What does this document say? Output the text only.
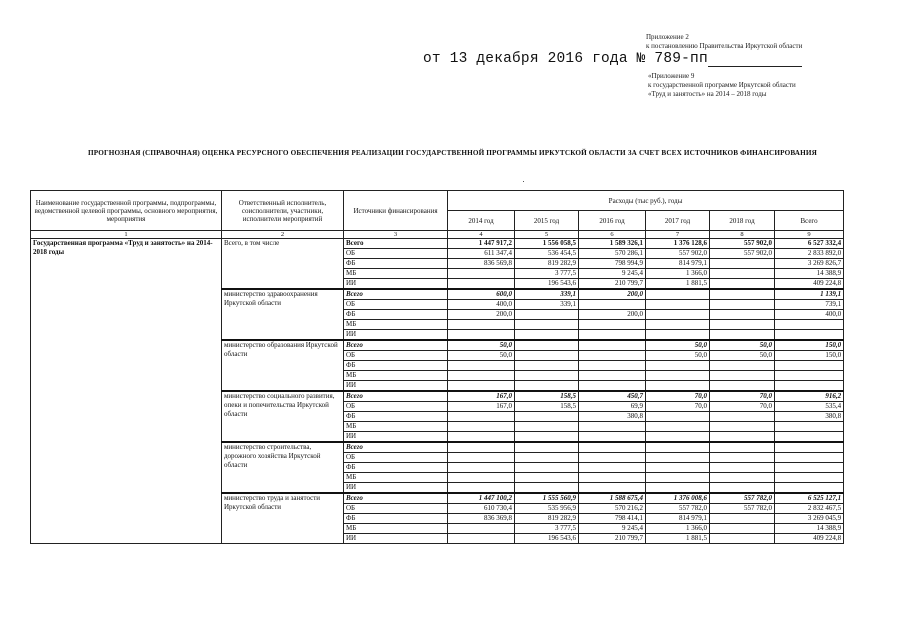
Приложение 2
к постановлению Правительства Иркутской области
от 13 декабря 2016 года № 789-пп
«Приложение 9
к государственной программе Иркутской области
«Труд и занятость» на 2014 – 2018 годы
ПРОГНОЗНАЯ (СПРАВОЧНАЯ) ОЦЕНКА РЕСУРСНОГО ОБЕСПЕЧЕНИЯ РЕАЛИЗАЦИИ ГОСУДАРСТВЕННОЙ ПРОГРАММЫ ИРКУТСКОЙ ОБЛАСТИ ЗА СЧЕТ ВСЕХ ИСТОЧНИКОВ ФИНАНСИРОВАНИЯ
Наименование государственной программы, подпрограммы, ведомственной целевой программы, основного мероприятия, мероприятия	Ответственный исполнитель, соисполнители, участники, исполнители мероприятий	Источники финансирования	Расходы (тыс руб.), годы					
			2014 год	2015 год	2016 год	2017 год	2018 год	Всего
1	2	3	4	5	6	7	8	9
Государственная программа «Труд и занятость» на 2014-2018 годы	Всего, в том числе	Всего	1 447 917,2	1 556 058,5	1 589 326,1	1 376 128,6	557 902,0	6 527 332,4
		ОБ	611 347,4	536 454,5	570 286,1	557 902,0	557 902,0	2 833 892,0
		ФБ	836 569,8	819 282,9	798 994,9	814 979,1		3 269 826,7
		МБ		3 777,5	9 245,4	1 366,0		14 388,9
		ИИ		196 543,6	210 799,7	1 881,5		409 224,8
	министерство здравоохранения Иркутской области	Всего	600,0	339,1	200,0			1 139,1
		ОБ	400,0	339,1				739,1
		ФБ	200,0		200,0			400,0
		МБ						
		ИИ						
	министерство образования Иркутской области	Всего	50,0			50,0	50,0	150,0
		ОБ	50,0			50,0	50,0	150,0
		ФБ						
		МБ						
		ИИ						
	министерство социального развития, опеки и попечительства Иркутской области	Всего	167,0	158,5	450,7	70,0	70,0	916,2
		ОБ	167,0	158,5	69,9	70,0	70,0	535,4
		ФБ			380,8			380,8
		МБ						
		ИИ						
	министерство строительства, дорожного хозяйства Иркутской области	Всего						
		ОБ						
		ФБ						
		МБ						
		ИИ						
	министерство труда и занятости Иркутской области	Всего	1 447 100,2	1 555 560,9	1 588 675,4	1 376 008,6	557 782,0	6 525 127,1
		ОБ	610 730,4	535 956,9	570 216,2	557 782,0	557 782,0	2 832 467,5
		ФБ	836 369,8	819 282,9	798 414,1	814 979,1		3 269 045,9
		МБ		3 777,5	9 245,4	1 366,0		14 388,9
		ИИ		196 543,6	210 799,7	1 881,5		409 224,8
